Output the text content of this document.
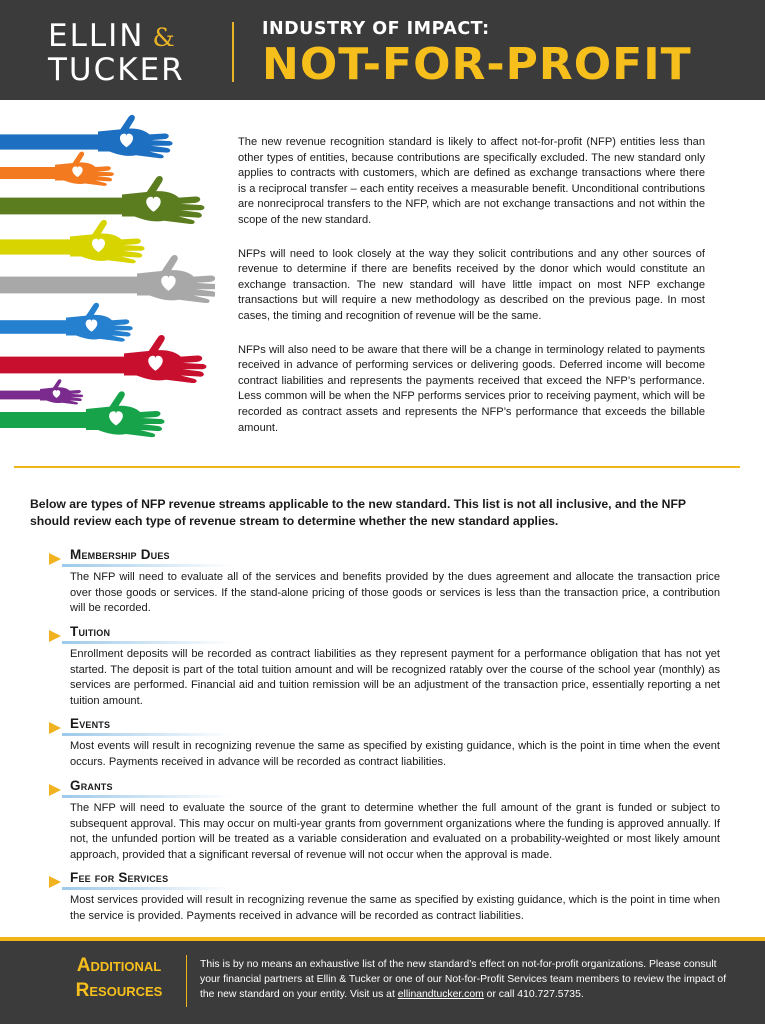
ELLIN &
TUCKER
INDUSTRY OF IMPACT:
NOT-FOR-PROFIT

The new revenue recognition standard is likely to affect not-for-profit (NFP) entities less than other types of entities, because contributions are specifically excluded. The new standard only applies to contracts with customers, which are defined as exchange transactions where there is a reciprocal transfer – each entity receives a measurable benefit. Unconditional contributions are nonreciprocal transfers to the NFP, which are not exchange transactions and not within the scope of the new standard.

NFPs will need to look closely at the way they solicit contributions and any other sources of revenue to determine if there are benefits received by the donor which would constitute an exchange transaction. The new standard will have little impact on most NFP exchange transactions but will require a new methodology as described on the previous page. In most cases, the timing and recognition of revenue will be the same.

NFPs will also need to be aware that there will be a change in terminology related to payments received in advance of performing services or delivering goods. Deferred income will become contract liabilities and represents the payments received that exceed the NFP’s performance. Less common will be when the NFP performs services prior to receiving payment, which will be recorded as contract assets and represents the NFP’s performance that exceeds the billable amount.

Below are types of NFP revenue streams applicable to the new standard. This list is not all inclusive, and the NFP should review each type of revenue stream to determine whether the new standard applies.
Membership Dues
The NFP will need to evaluate all of the services and benefits provided by the dues agreement and allocate the transaction price over those goods or services. If the stand-alone pricing of those goods or services is less than the transaction price, a contribution will be recorded.
Tuition
Enrollment deposits will be recorded as contract liabilities as they represent payment for a performance obligation that has not yet started. The deposit is part of the total tuition amount and will be recognized ratably over the course of the school year (monthly) as services are performed. Financial aid and tuition remission will be an adjustment of the transaction price, essentially reporting a net tuition amount.
Events
Most events will result in recognizing revenue the same as specified by existing guidance, which is the point in time when the event occurs. Payments received in advance will be recorded as contract liabilities.
Grants
The NFP will need to evaluate the source of the grant to determine whether the full amount of the grant is funded or subject to subsequent approval. This may occur on multi-year grants from government organizations where the funding is approved annually. If not, the unfunded portion will be treated as a variable consideration and evaluated on a probability-weighted or most likely amount approach, provided that a significant reversal of revenue will not occur when the approval is made.
Fee for Services
Most services provided will result in recognizing revenue the same as specified by existing guidance, which is the point in time when the service is provided. Payments received in advance will be recorded as contract liabilities.
Additional
Resources
This is by no means an exhaustive list of the new standard’s effect on not-for-profit organizations. Please consult your financial partners at Ellin & Tucker or one of our Not-for-Profit Services team members to review the impact of the new standard on your entity. Visit us at ellinandtucker.com or call 410.727.5735.
